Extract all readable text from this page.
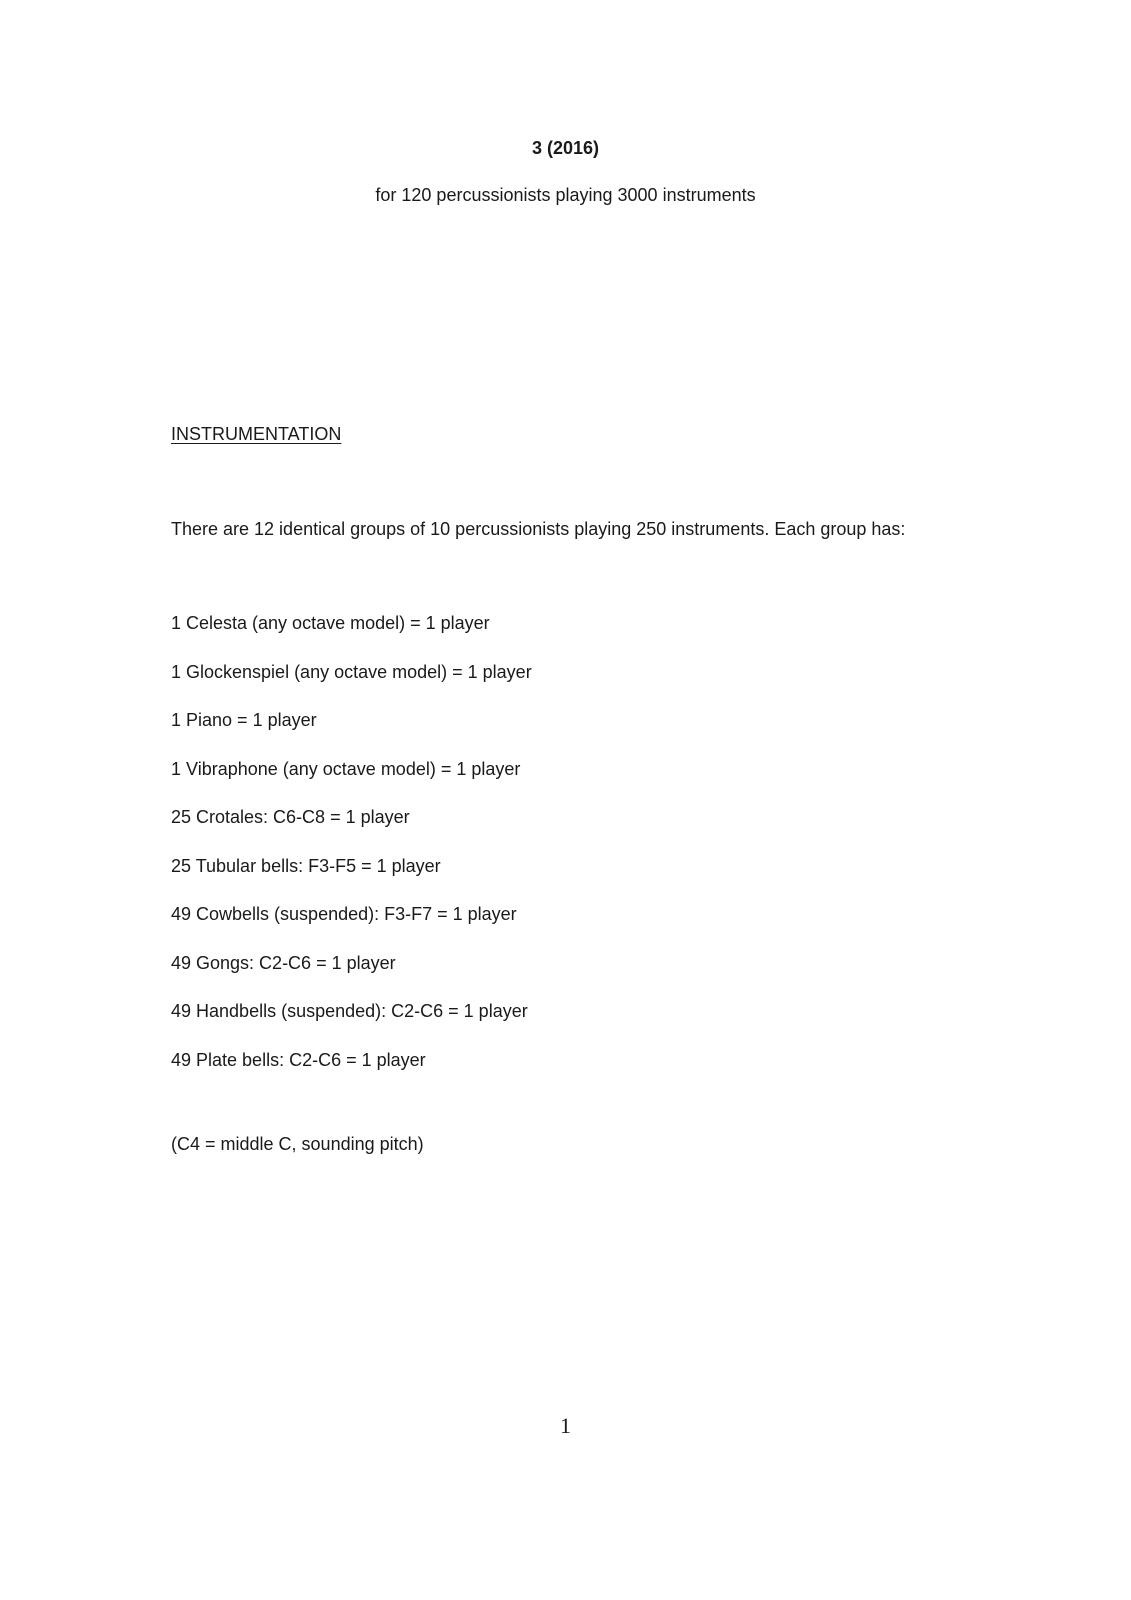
3 (2016)
for 120 percussionists playing 3000 instruments
INSTRUMENTATION
There are 12 identical groups of 10 percussionists playing 250 instruments. Each group has:
1 Celesta (any octave model) = 1 player
1 Glockenspiel (any octave model) = 1 player
1 Piano = 1 player
1 Vibraphone (any octave model) = 1 player
25 Crotales: C6-C8 = 1 player
25 Tubular bells: F3-F5 = 1 player
49 Cowbells (suspended): F3-F7 = 1 player
49 Gongs: C2-C6 = 1 player
49 Handbells (suspended): C2-C6 = 1 player
49 Plate bells: C2-C6 = 1 player
(C4 = middle C, sounding pitch)
1
